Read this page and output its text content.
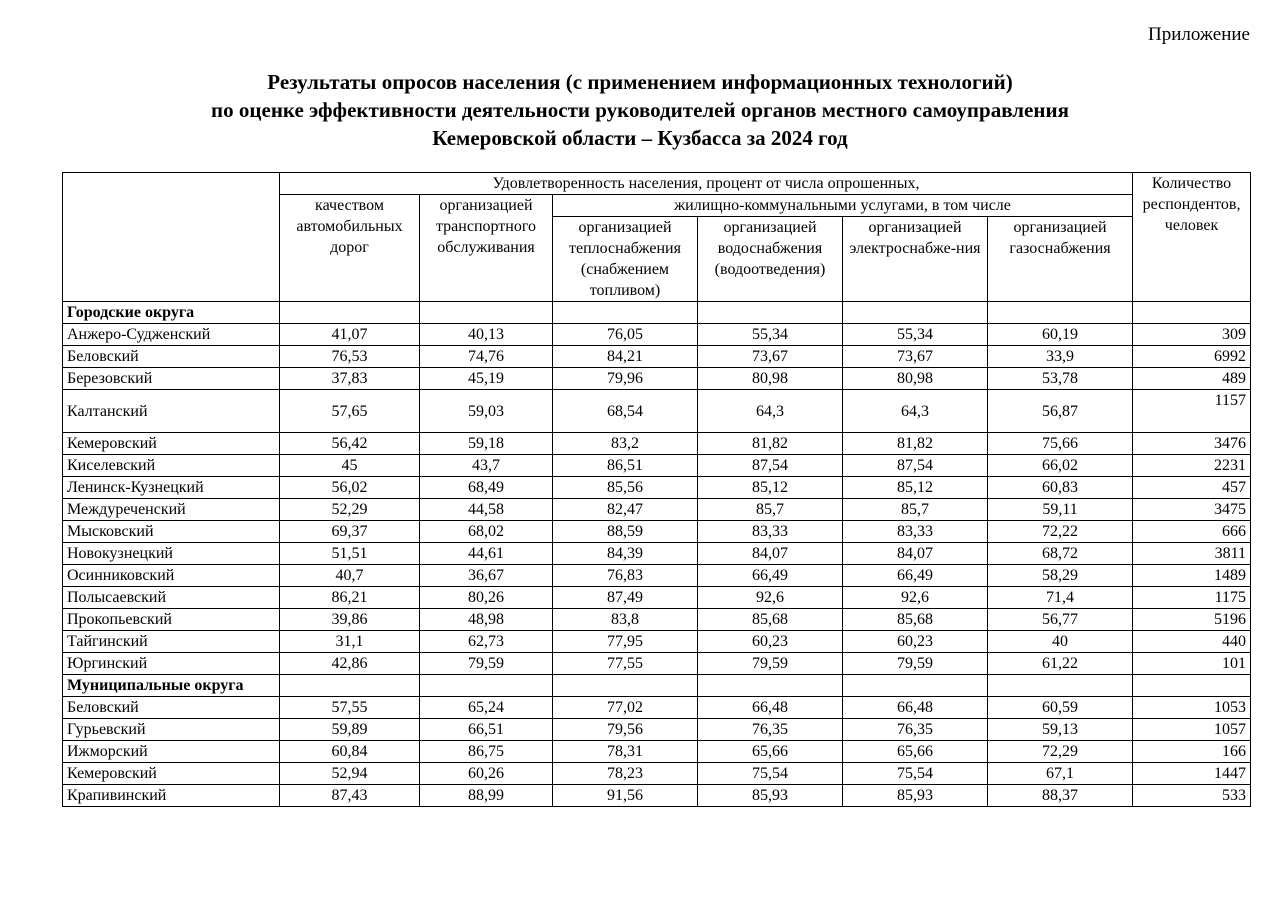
Приложение
Результаты опросов населения (с применением информационных технологий)
по оценке эффективности деятельности руководителей органов местного самоуправления
Кемеровской области – Кузбасса за 2024 год
	Удовлетворенность населения, процент от числа опрошенных,						Количество респондентов, человек
	качеством автомобильных дорог	организацией транспортного обслуживания	жилищно-коммунальными услугами, в том числе				
			организацией теплоснабжения (снабжением топливом)	организацией водоснабжения (водоотведения)	организацией электроснабже-ния	организацией газоснабжения	
Городские округа							
Анжеро-Судженский	41,07	40,13	76,05	55,34	55,34	60,19	309
Беловский	76,53	74,76	84,21	73,67	73,67	33,9	6992
Березовский	37,83	45,19	79,96	80,98	80,98	53,78	489
Калтанский	57,65	59,03	68,54	64,3	64,3	56,87	1157
Кемеровский	56,42	59,18	83,2	81,82	81,82	75,66	3476
Киселевский	45	43,7	86,51	87,54	87,54	66,02	2231
Ленинск-Кузнецкий	56,02	68,49	85,56	85,12	85,12	60,83	457
Междуреченский	52,29	44,58	82,47	85,7	85,7	59,11	3475
Мысковский	69,37	68,02	88,59	83,33	83,33	72,22	666
Новокузнецкий	51,51	44,61	84,39	84,07	84,07	68,72	3811
Осинниковский	40,7	36,67	76,83	66,49	66,49	58,29	1489
Полысаевский	86,21	80,26	87,49	92,6	92,6	71,4	1175
Прокопьевский	39,86	48,98	83,8	85,68	85,68	56,77	5196
Тайгинский	31,1	62,73	77,95	60,23	60,23	40	440
Юргинский	42,86	79,59	77,55	79,59	79,59	61,22	101
Муниципальные округа							
Беловский	57,55	65,24	77,02	66,48	66,48	60,59	1053
Гурьевский	59,89	66,51	79,56	76,35	76,35	59,13	1057
Ижморский	60,84	86,75	78,31	65,66	65,66	72,29	166
Кемеровский	52,94	60,26	78,23	75,54	75,54	67,1	1447
Крапивинский	87,43	88,99	91,56	85,93	85,93	88,37	533
